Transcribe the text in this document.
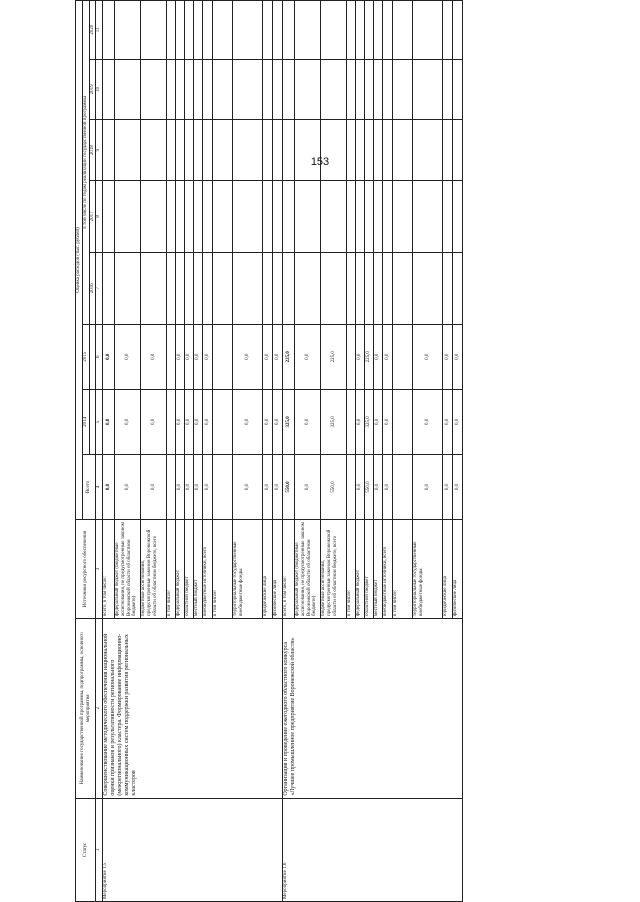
153
Статус	Наименование государственной программы, подпрограммы, основного мероприятия	Источники ресурсного обеспечения	Оценка расходов (тыс. рублей)							
			Всего	2014	2015	в том числе по годам реализации государственной программы				
						2016	2017	2018	2019	2020
1	2	3	4	5	6	7	8	9	10	11
Мероприятие 1.5	Совершенствование методического обеспечения национальной оценки признаков и результативности регионального (межрегионального) кластера. Формирование информационно-коммуникационных систем поддержки развития региональных кластеров	всего, в том числе:	0,0	0,0	0,0					
		федеральный бюджет (бюджетные ассигнования, не предусмотренные законом Воронежской области об областном бюджете)	0,0	0,0	0,0					
		бюджетные ассигнования, предусмотренные законом Воронежской области об областном бюджете, всего	0,0	0,0	0,0					
		в том числе:								
		федеральный бюджет	0,0	0,0	0,0					
		областной бюджет	0,0	0,0	0,0					
		местный бюджет	0,0	0,0	0,0					
		внебюджетные источники, всего	0,0	0,0	0,0					
		в том числе:								
		территориальные государственные внебюджетные фонды	0,0	0,0	0,0					
		юридические лица	0,0	0,0	0,0					
		физические лица	0,0	0,0	0,0					
Мероприятие 1.6	Организация и проведение ежегодного областного конкурса «Лучшее промышленное предприятие Воронежской области»	всего, в том числе:	550,0	325,0	225,0					
		федеральный бюджет (бюджетные ассигнования, не предусмотренные законом Воронежской области об областном бюджете)	0,0	0,0	0,0					
		бюджетные ассигнования, предусмотренные законом Воронежской области об областном бюджете, всего	550,0	325,0	225,0					
		в том числе:								
		федеральный бюджет	0,0	0,0	0,0					
		областной бюджет	550,0	325,0	225,0					
		местный бюджет	0,0	0,0	0,0					
		внебюджетные источники, всего	0,0	0,0	0,0					
		в том числе:								
		территориальные государственные внебюджетные фонды	0,0	0,0	0,0					
		юридические лица	0,0	0,0	0,0					
		физические лица	0,0	0,0	0,0					
